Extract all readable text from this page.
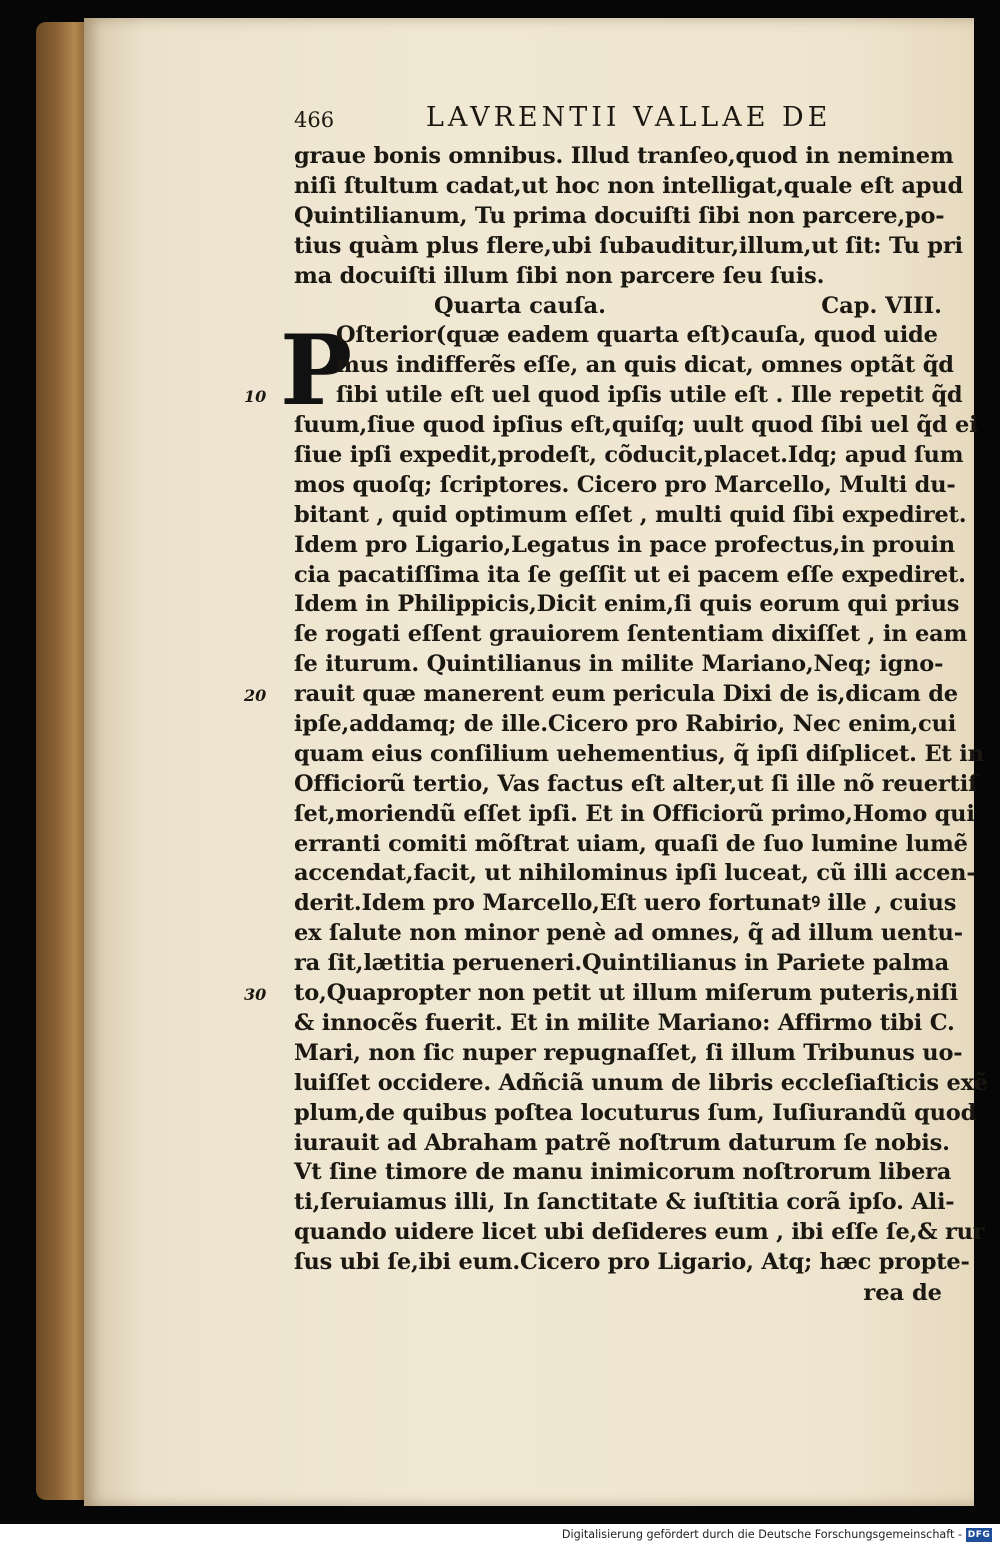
466	LAVRENTII VALLAE DE
graue bonis omnibus. Illud tranſeo,quod in neminem
niſi ſtultum cadat,ut hoc non intelligat,quale eſt apud
Quintilianum, Tu prima docuiſti ſibi non parcere,po-
tius quàm plus flere,ubi ſubauditur,illum,ut ſit: Tu pri
ma docuiſti illum ſibi non parcere ſeu ſuis.
Quarta cauſa.	Cap. VIII.
P
Oſterior(quæ eadem quarta eſt)cauſa, quod uide
mus indifferẽs eſſe, an quis dicat, omnes optãt q̃d
ſibi utile eſt uel quod ipſis utile eſt . Ille repetit q̃d
10
ſuum,ſiue quod ipſius eſt,quiſq; uult quod ſibi uel q̃d ei
ſiue ipſi expedit,prodeſt, cõducit,placet.Idq; apud ſum
mos quoſq; ſcriptores. Cicero pro Marcello, Multi du-
bitant , quid optimum eſſet , multi quid ſibi expediret.
Idem pro Ligario,Legatus in pace profectus,in prouin
cia pacatiſſima ita ſe geſſit ut ei pacem eſſe expediret.
Idem in Philippicis,Dicit enim,ſi quis eorum qui prius
ſe rogati eſſent grauiorem ſententiam dixiſſet , in eam
ſe iturum. Quintilianus in milite Mariano,Neq; igno-
rauit quæ manerent eum pericula Dixi de is,dicam de
20
ipſe,addamq; de ille.Cicero pro Rabirio, Nec enim,cui
quam eius conſilium uehementius, q̃ ipſi diſplicet. Et in
Officiorũ tertio, Vas factus eſt alter,ut ſi ille nõ reuertiſ
ſet,moriendũ eſſet ipſi. Et in Officiorũ primo,Homo qui
erranti comiti mõſtrat uiam, quaſi de ſuo lumine lumẽ
accendat,facit, ut nihilominus ipſi luceat, cũ illi accen-
derit.Idem pro Marcello,Eſt uero fortunatꝰ ille , cuius
ex ſalute non minor penè ad omnes, q̃ ad illum uentu-
ra ſit,lætitia perueneri.Quintilianus in Pariete palma
to,Quapropter non petit ut illum miſerum puteris,niſi
30
& innocẽs fuerit. Et in milite Mariano: Affirmo tibi C.
Mari, non ſic nuper repugnaſſet, ſi illum Tribunus uo-
luiſſet occidere. Adñciã unum de libris eccleſiaſticis exẽ
plum,de quibus poſtea locuturus ſum, Iuſiurandũ quod
iurauit ad Abraham patrẽ noſtrum daturum ſe nobis.
Vt ſine timore de manu inimicorum noſtrorum libera
ti,ſeruiamus illi, In ſanctitate & iuſtitia corã ipſo. Ali-
quando uidere licet ubi deſideres eum , ibi eſſe ſe,& rur
ſus ubi ſe,ibi eum.Cicero pro Ligario, Atq; hæc propte-
rea de
Digitalisierung gefördert durch die Deutsche Forschungsgemeinschaft - DFG
